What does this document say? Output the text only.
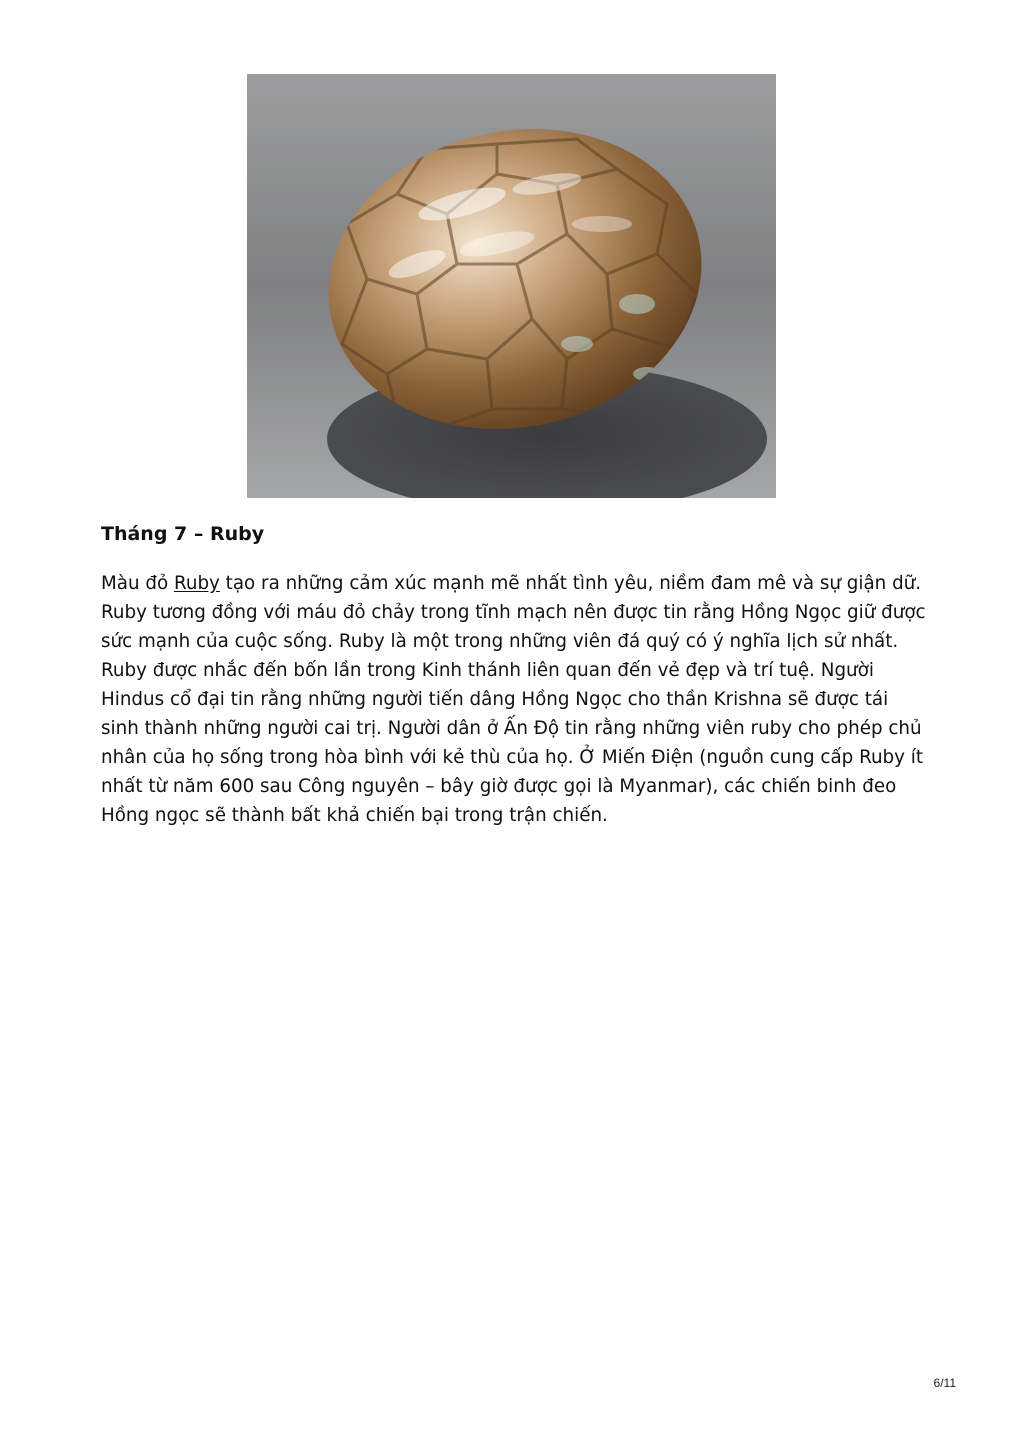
Tháng 7 – Ruby

Màu đỏ Ruby tạo ra những cảm xúc mạnh mẽ nhất tình yêu, niềm đam mê và sự giận dữ. Ruby tương đồng với máu đỏ chảy trong tĩnh mạch nên được tin rằng Hồng Ngọc giữ được sức mạnh của cuộc sống. Ruby là một trong những viên đá quý có ý nghĩa lịch sử nhất. Ruby được nhắc đến bốn lần trong Kinh thánh liên quan đến vẻ đẹp và trí tuệ. Người Hindus cổ đại tin rằng những người tiến dâng Hồng Ngọc cho thần Krishna sẽ được tái sinh thành những người cai trị. Người dân ở Ấn Độ tin rằng những viên ruby cho phép chủ nhân của họ sống trong hòa bình với kẻ thù của họ. Ở Miến Điện (nguồn cung cấp Ruby ít nhất từ năm 600 sau Công nguyên – bây giờ được gọi là Myanmar), các chiến binh đeo Hồng ngọc sẽ thành bất khả chiến bại trong trận chiến.

6/11
